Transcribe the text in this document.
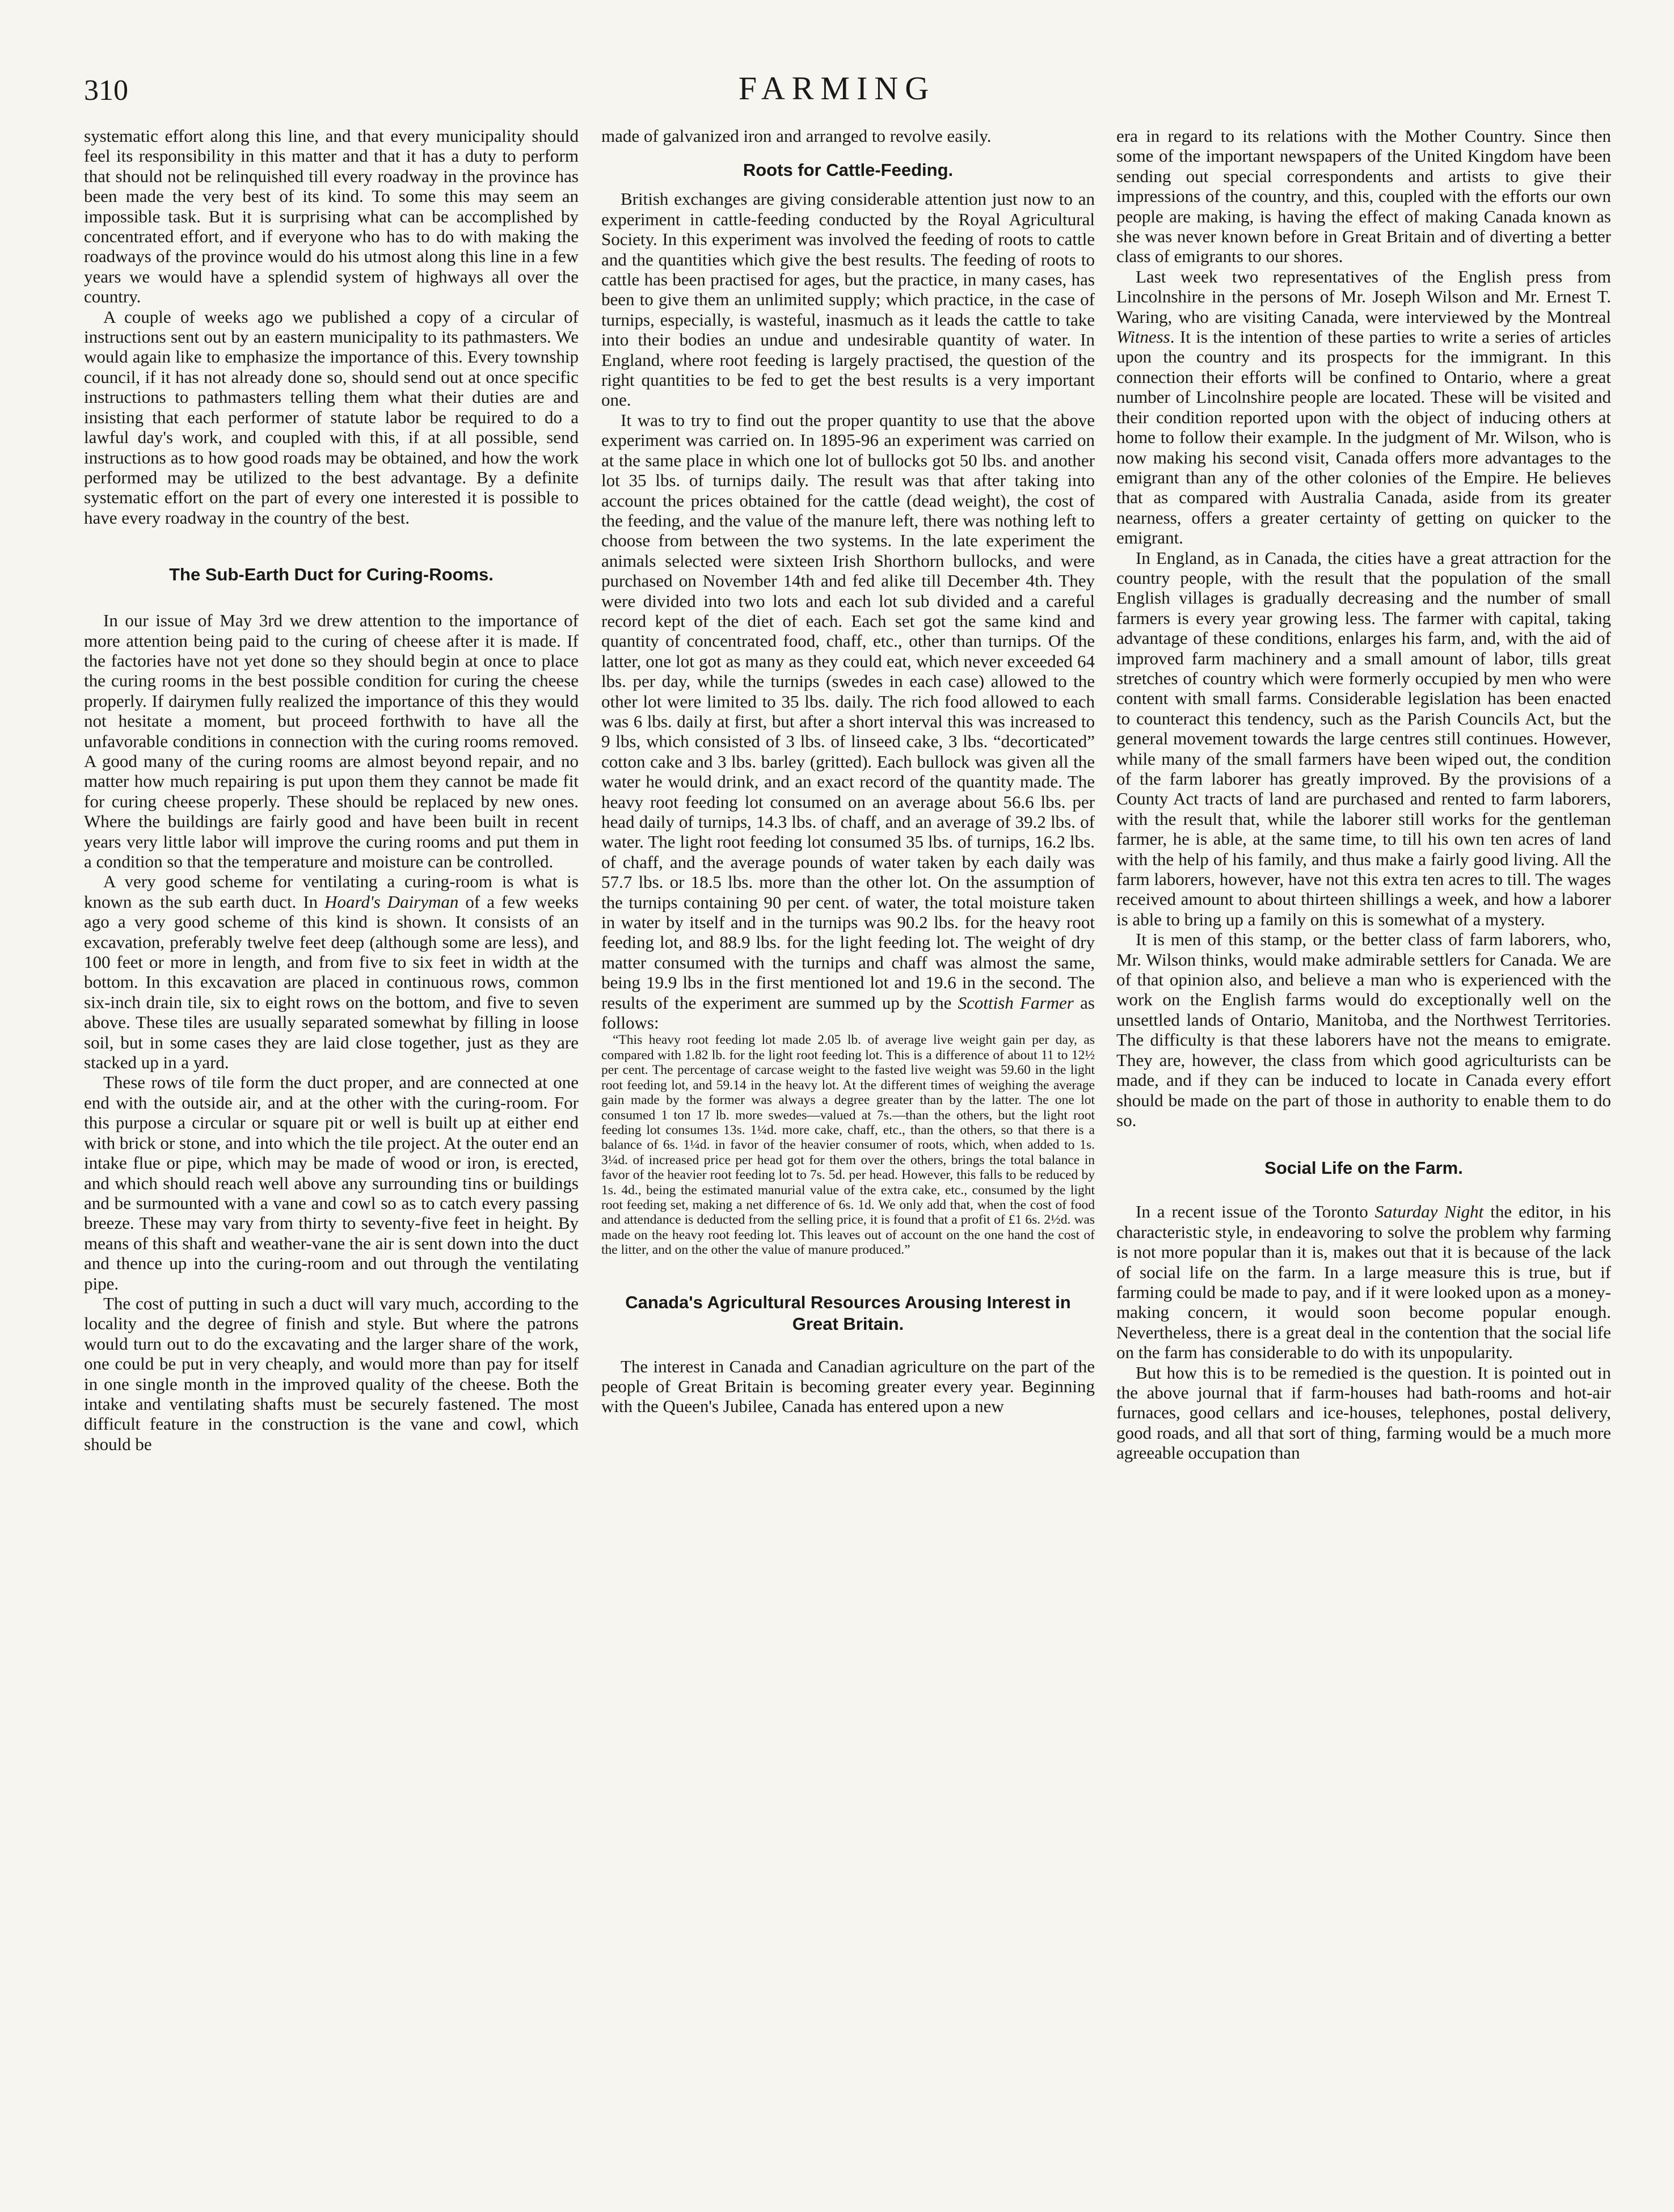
310	FARMING

systematic effort along this line, and that every municipality should feel its responsibility in this matter and that it has a duty to perform that should not be relinquished till every roadway in the province has been made the very best of its kind. To some this may seem an impossible task. But it is surprising what can be accomplished by concentrated effort, and if everyone who has to do with making the roadways of the province would do his utmost along this line in a few years we would have a splendid system of highways all over the country.

A couple of weeks ago we published a copy of a circular of instructions sent out by an eastern municipality to its pathmasters. We would again like to emphasize the importance of this. Every township council, if it has not already done so, should send out at once specific instructions to pathmasters telling them what their duties are and insisting that each performer of statute labor be required to do a lawful day's work, and coupled with this, if at all possible, send instructions as to how good roads may be obtained, and how the work performed may be utilized to the best advantage. By a definite systematic effort on the part of every one interested it is possible to have every roadway in the country of the best.

The Sub-Earth Duct for Curing-Rooms.

In our issue of May 3rd we drew attention to the importance of more attention being paid to the curing of cheese after it is made. If the factories have not yet done so they should begin at once to place the curing rooms in the best possible condition for curing the cheese properly. If dairymen fully realized the importance of this they would not hesitate a moment, but proceed forthwith to have all the unfavorable conditions in connection with the curing rooms removed. A good many of the curing rooms are almost beyond repair, and no matter how much repairing is put upon them they cannot be made fit for curing cheese properly. These should be replaced by new ones. Where the buildings are fairly good and have been built in recent years very little labor will improve the curing rooms and put them in a condition so that the temperature and moisture can be controlled.

A very good scheme for ventilating a curing-room is what is known as the sub earth duct. In Hoard's Dairyman of a few weeks ago a very good scheme of this kind is shown. It consists of an excavation, preferably twelve feet deep (although some are less), and 100 feet or more in length, and from five to six feet in width at the bottom. In this excavation are placed in continuous rows, common six-inch drain tile, six to eight rows on the bottom, and five to seven above. These tiles are usually separated somewhat by filling in loose soil, but in some cases they are laid close together, just as they are stacked up in a yard.

These rows of tile form the duct proper, and are connected at one end with the outside air, and at the other with the curing-room. For this purpose a circular or square pit or well is built up at either end with brick or stone, and into which the tile project. At the outer end an intake flue or pipe, which may be made of wood or iron, is erected, and which should reach well above any surrounding tins or buildings and be surmounted with a vane and cowl so as to catch every passing breeze. These may vary from thirty to seventy-five feet in height. By means of this shaft and weather-vane the air is sent down into the duct and thence up into the curing-room and out through the ventilating pipe.

The cost of putting in such a duct will vary much, according to the locality and the degree of finish and style. But where the patrons would turn out to do the excavating and the larger share of the work, one could be put in very cheaply, and would more than pay for itself in one single month in the improved quality of the cheese. Both the intake and ventilating shafts must be securely fastened. The most difficult feature in the construction is the vane and cowl, which should be

made of galvanized iron and arranged to revolve easily.

Roots for Cattle-Feeding.

British exchanges are giving considerable attention just now to an experiment in cattle-feeding conducted by the Royal Agricultural Society. In this experiment was involved the feeding of roots to cattle and the quantities which give the best results. The feeding of roots to cattle has been practised for ages, but the practice, in many cases, has been to give them an unlimited supply; which practice, in the case of turnips, especially, is wasteful, inasmuch as it leads the cattle to take into their bodies an undue and undesirable quantity of water. In England, where root feeding is largely practised, the question of the right quantities to be fed to get the best results is a very important one.

It was to try to find out the proper quantity to use that the above experiment was carried on. In 1895-96 an experiment was carried on at the same place in which one lot of bullocks got 50 lbs. and another lot 35 lbs. of turnips daily. The result was that after taking into account the prices obtained for the cattle (dead weight), the cost of the feeding, and the value of the manure left, there was nothing left to choose from between the two systems. In the late experiment the animals selected were sixteen Irish Shorthorn bullocks, and were purchased on November 14th and fed alike till December 4th. They were divided into two lots and each lot sub divided and a careful record kept of the diet of each. Each set got the same kind and quantity of concentrated food, chaff, etc., other than turnips. Of the latter, one lot got as many as they could eat, which never exceeded 64 lbs. per day, while the turnips (swedes in each case) allowed to the other lot were limited to 35 lbs. daily. The rich food allowed to each was 6 lbs. daily at first, but after a short interval this was increased to 9 lbs, which consisted of 3 lbs. of linseed cake, 3 lbs. “decorticated” cotton cake and 3 lbs. barley (gritted). Each bullock was given all the water he would drink, and an exact record of the quantity made. The heavy root feeding lot consumed on an average about 56.6 lbs. per head daily of turnips, 14.3 lbs. of chaff, and an average of 39.2 lbs. of water. The light root feeding lot consumed 35 lbs. of turnips, 16.2 lbs. of chaff, and the average pounds of water taken by each daily was 57.7 lbs. or 18.5 lbs. more than the other lot. On the assumption of the turnips containing 90 per cent. of water, the total moisture taken in water by itself and in the turnips was 90.2 lbs. for the heavy root feeding lot, and 88.9 lbs. for the light feeding lot. The weight of dry matter consumed with the turnips and chaff was almost the same, being 19.9 lbs in the first mentioned lot and 19.6 in the second. The results of the experiment are summed up by the Scottish Farmer as follows:

“This heavy root feeding lot made 2.05 lb. of average live weight gain per day, as compared with 1.82 lb. for the light root feeding lot. This is a difference of about 11 to 12½ per cent. The percentage of carcase weight to the fasted live weight was 59.60 in the light root feeding lot, and 59.14 in the heavy lot. At the different times of weighing the average gain made by the former was always a degree greater than by the latter. The one lot consumed 1 ton 17 lb. more swedes—valued at 7s.—than the others, but the light root feeding lot consumes 13s. 1¼d. more cake, chaff, etc., than the others, so that there is a balance of 6s. 1¼d. in favor of the heavier consumer of roots, which, when added to 1s. 3¼d. of increased price per head got for them over the others, brings the total balance in favor of the heavier root feeding lot to 7s. 5d. per head. However, this falls to be reduced by 1s. 4d., being the estimated manurial value of the extra cake, etc., consumed by the light root feeding set, making a net difference of 6s. 1d. We only add that, when the cost of food and attendance is deducted from the selling price, it is found that a profit of £1 6s. 2½d. was made on the heavy root feeding lot. This leaves out of account on the one hand the cost of the litter, and on the other the value of manure produced.”

Canada's Agricultural Resources Arousing Interest in Great Britain.

The interest in Canada and Canadian agriculture on the part of the people of Great Britain is becoming greater every year. Beginning with the Queen's Jubilee, Canada has entered upon a new

era in regard to its relations with the Mother Country. Since then some of the important newspapers of the United Kingdom have been sending out special correspondents and artists to give their impressions of the country, and this, coupled with the efforts our own people are making, is having the effect of making Canada known as she was never known before in Great Britain and of diverting a better class of emigrants to our shores.

Last week two representatives of the English press from Lincolnshire in the persons of Mr. Joseph Wilson and Mr. Ernest T. Waring, who are visiting Canada, were interviewed by the Montreal Witness. It is the intention of these parties to write a series of articles upon the country and its prospects for the immigrant. In this connection their efforts will be confined to Ontario, where a great number of Lincolnshire people are located. These will be visited and their condition reported upon with the object of inducing others at home to follow their example. In the judgment of Mr. Wilson, who is now making his second visit, Canada offers more advantages to the emigrant than any of the other colonies of the Empire. He believes that as compared with Australia Canada, aside from its greater nearness, offers a greater certainty of getting on quicker to the emigrant.

In England, as in Canada, the cities have a great attraction for the country people, with the result that the population of the small English villages is gradually decreasing and the number of small farmers is every year growing less. The farmer with capital, taking advantage of these conditions, enlarges his farm, and, with the aid of improved farm machinery and a small amount of labor, tills great stretches of country which were formerly occupied by men who were content with small farms. Considerable legislation has been enacted to counteract this tendency, such as the Parish Councils Act, but the general movement towards the large centres still continues. However, while many of the small farmers have been wiped out, the condition of the farm laborer has greatly improved. By the provisions of a County Act tracts of land are purchased and rented to farm laborers, with the result that, while the laborer still works for the gentleman farmer, he is able, at the same time, to till his own ten acres of land with the help of his family, and thus make a fairly good living. All the farm laborers, however, have not this extra ten acres to till. The wages received amount to about thirteen shillings a week, and how a laborer is able to bring up a family on this is somewhat of a mystery.

It is men of this stamp, or the better class of farm laborers, who, Mr. Wilson thinks, would make admirable settlers for Canada. We are of that opinion also, and believe a man who is experienced with the work on the English farms would do exceptionally well on the unsettled lands of Ontario, Manitoba, and the Northwest Territories. The difficulty is that these laborers have not the means to emigrate. They are, however, the class from which good agriculturists can be made, and if they can be induced to locate in Canada every effort should be made on the part of those in authority to enable them to do so.

Social Life on the Farm.

In a recent issue of the Toronto Saturday Night the editor, in his characteristic style, in endeavoring to solve the problem why farming is not more popular than it is, makes out that it is because of the lack of social life on the farm. In a large measure this is true, but if farming could be made to pay, and if it were looked upon as a money-making concern, it would soon become popular enough. Nevertheless, there is a great deal in the contention that the social life on the farm has considerable to do with its unpopularity.

But how this is to be remedied is the question. It is pointed out in the above journal that if farm-houses had bath-rooms and hot-air furnaces, good cellars and ice-houses, telephones, postal delivery, good roads, and all that sort of thing, farming would be a much more agreeable occupation than
